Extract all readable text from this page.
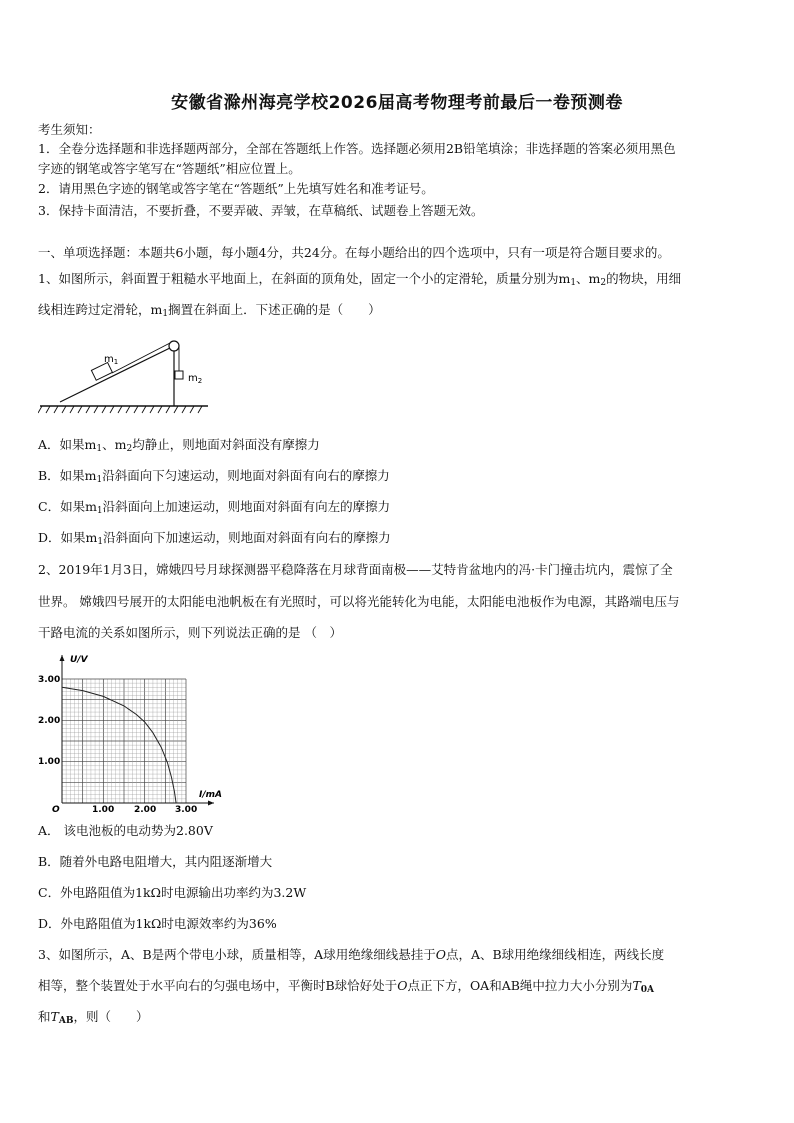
安徽省滁州海亮学校2026届高考物理考前最后一卷预测卷
考生须知：
1．全卷分选择题和非选择题两部分，全部在答题纸上作答。选择题必须用2B铅笔填涂；非选择题的答案必须用黑色
字迹的钢笔或答字笔写在“答题纸”相应位置上。
2．请用黑色字迹的钢笔或答字笔在“答题纸”上先填写姓名和准考证号。
3．保持卡面清洁，不要折叠，不要弄破、弄皱，在草稿纸、试题卷上答题无效。
一、单项选择题：本题共6小题，每小题4分，共24分。在每小题给出的四个选项中，只有一项是符合题目要求的。
1、如图所示，斜面置于粗糙水平地面上，在斜面的顶角处，固定一个小的定滑轮，质量分别为$m_1$、$m_2$的物块，用细
线相连跨过定滑轮，$m_1$搁置在斜面上．下述正确的是（　　）
$m_1$
$m_2$
A．如果$m_1$、$m_2$均静止，则地面对斜面没有摩擦力
B．如果$m_1$沿斜面向下匀速运动，则地面对斜面有向右的摩擦力
C．如果$m_1$沿斜面向上加速运动，则地面对斜面有向左的摩擦力
D．如果$m_1$沿斜面向下加速运动，则地面对斜面有向右的摩擦力
2、2019年1月3日，嫦娥四号月球探测器平稳降落在月球背面南极——艾特肯盆地内的冯·卡门撞击坑内，震惊了全
世界。 嫦娥四号展开的太阳能电池帆板在有光照时，可以将光能转化为电能，太阳能电池板作为电源，其路端电压与
干路电流的关系如图所示，则下列说法正确的是 （　）
U/V
I/mA
O
1.00
2.00
3.00
1.00 2.00 3.00
A． 该电池板的电动势为2.80V
B．随着外电路电阻增大，其内阻逐渐增大
C．外电路阻值为1kΩ时电源输出功率约为3.2W
D．外电路阻值为1kΩ时电源效率约为36%
3、如图所示，A、B是两个带电小球，质量相等，A球用绝缘细线悬挂于O点，A、B球用绝缘细线相连，两线长度
相等，整个装置处于水平向右的匀强电场中，平衡时B球恰好处于O点正下方，OA和AB绳中拉力大小分别为$T_{0A}$
和$T_{AB}$，则（　　）
